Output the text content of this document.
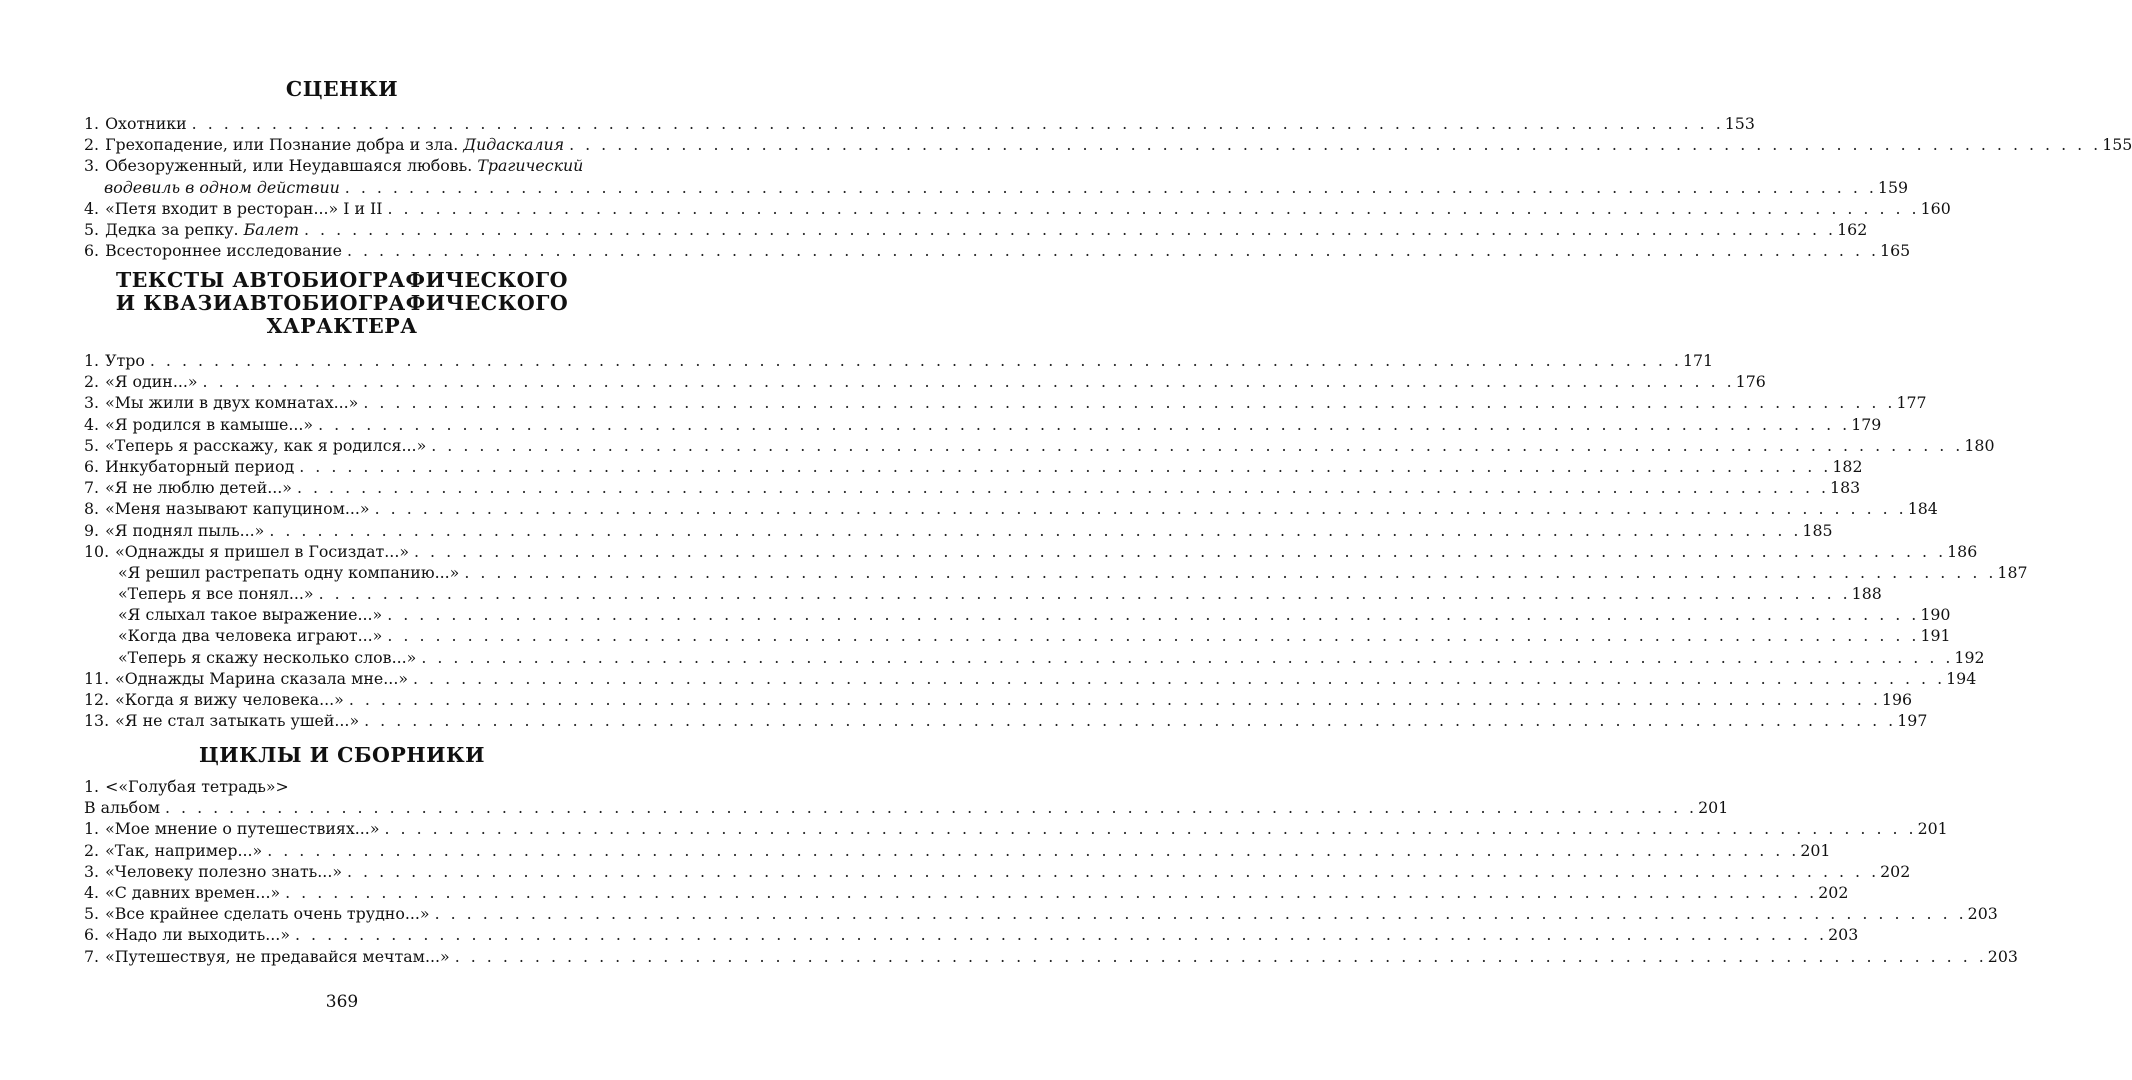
СЦЕНКИ
1. Охотники . . .	153
2. Грехопадение, или Познание добра и зла. Дидаскалия . . .	155
3. Обезоруженный, или Неудавшаяся любовь. Трагический
водевиль в одном действии . . .	159
4. «Петя входит в ресторан...» I и II . . .	160
5. Дедка за репку. Балет . . .	162
6. Всестороннее исследование . . .	165
ТЕКСТЫ АВТОБИОГРАФИЧЕСКОГО
И КВАЗИАВТОБИОГРАФИЧЕСКОГО
ХАРАКТЕРА
1. Утро . . .	171
2. «Я один...» . . .	176
3. «Мы жили в двух комнатах...» . . .	177
4. «Я родился в камыше...» . . .	179
5. «Теперь я расскажу, как я родился...» . . .	180
6. Инкубаторный период . . .	182
7. «Я не люблю детей...» . . .	183
8. «Меня называют капуцином...» . . .	184
9. «Я поднял пыль...» . . .	185
10. «Однажды я пришел в Госиздат...» . . .	186
«Я решил растрепать одну компанию...» . . .	187
«Теперь я все понял...» . . .	188
«Я слыхал такое выражение...» . . .	190
«Когда два человека играют...» . . .	191
«Теперь я скажу несколько слов...» . . .	192
11. «Однажды Марина сказала мне...» . . .	194
12. «Когда я вижу человека...» . . .	196
13. «Я не стал затыкать ушей...» . . .	197
ЦИКЛЫ И СБОРНИКИ
1. <«Голубая тетрадь»>
В альбом . . .	201
1. «Мое мнение о путешествиях...» . . .	201
2. «Так, например...» . . .	201
3. «Человеку полезно знать...» . . .	202
4. «С давних времен...» . . .	202
5. «Все крайнее сделать очень трудно...» . . .	203
6. «Надо ли выходить...» . . .	203
7. «Путешествуя, не предавайся мечтам...» . . .	203
369
